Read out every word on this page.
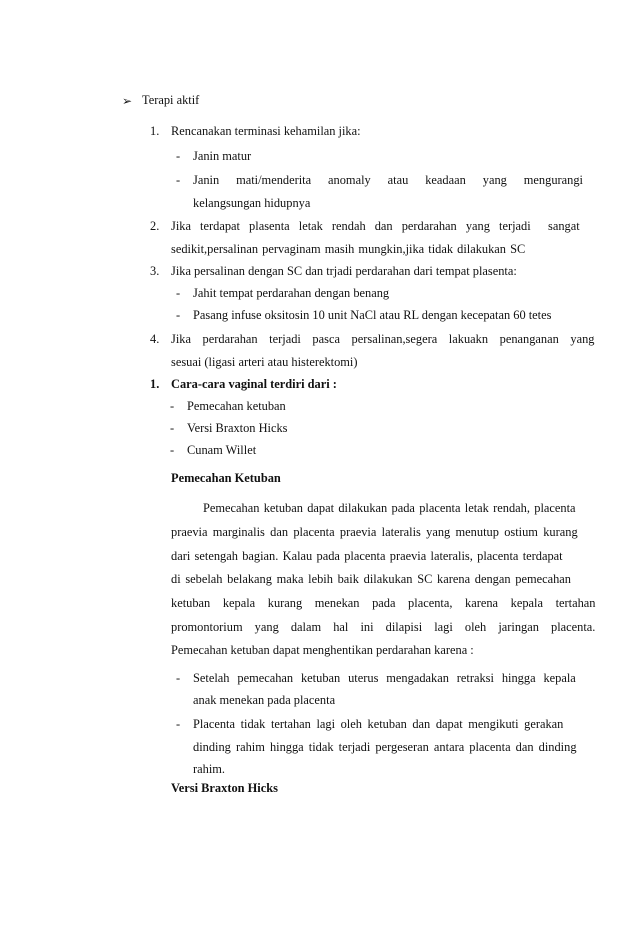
➢ Terapi aktif
1. Rencanakan terminasi kehamilan jika:
- Janin matur
- Janin mati/menderita anomaly atau keadaan yang mengurangi
kelangsungan hidupnya
2. Jika terdapat plasenta letak rendah dan perdarahan yang terjadi sangat
sedikit,persalinan pervaginam masih mungkin,jika tidak dilakukan SC
3. Jika persalinan dengan SC dan trjadi perdarahan dari tempat plasenta:
- Jahit tempat perdarahan dengan benang
- Pasang infuse oksitosin 10 unit NaCl atau RL dengan kecepatan 60 tetes
4. Jika perdarahan terjadi pasca persalinan,segera lakuakn penanganan yang
sesuai (ligasi arteri atau histerektomi)
1. Cara-cara vaginal terdiri dari :
- Pemecahan ketuban
- Versi Braxton Hicks
- Cunam Willet
Pemecahan Ketuban
Pemecahan ketuban dapat dilakukan pada placenta letak rendah, placenta
praevia marginalis dan placenta praevia lateralis yang menutup ostium kurang
dari setengah bagian. Kalau pada placenta praevia lateralis, placenta terdapat
di sebelah belakang maka lebih baik dilakukan SC karena dengan pemecahan
ketuban kepala kurang menekan pada placenta, karena kepala tertahan
promontorium yang dalam hal ini dilapisi lagi oleh jaringan placenta.
Pemecahan ketuban dapat menghentikan perdarahan karena :
- Setelah pemecahan ketuban uterus mengadakan retraksi hingga kepala
anak menekan pada placenta
- Placenta tidak tertahan lagi oleh ketuban dan dapat mengikuti gerakan
dinding rahim hingga tidak terjadi pergeseran antara placenta dan dinding
rahim.
Versi Braxton Hicks
